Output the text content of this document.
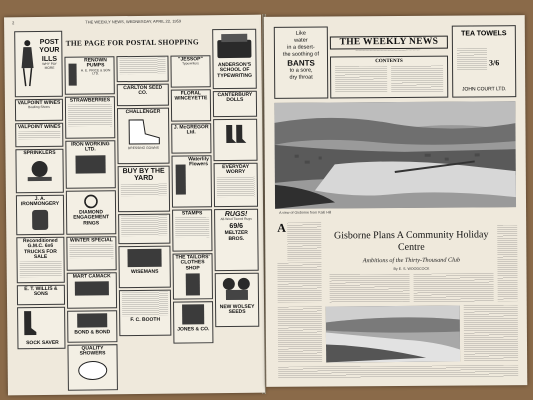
2	THE WEEKLY NEWS, WEDNESDAY, APRIL 22, 1959
THE PAGE FOR POSTAL SHOPPING
POST
YOUR
ILLS
WHY PAY MORE
VALPOINT WINES
Bowling Shoes
VALPOINT WINES
SPRINKLERS
J. A. IRONMONGERY
Reconditioned G.M.C. 6x6 TRUCKS FOR SALE
E. T. WILLIS & SONS
SOCK SAVER
RENOWN PUMPS
H. E. PRICE & SON LTD.
STRAWBERRIES
IRON WORKING LTD.
DIAMOND ENGAGEMENT RINGS
WINTER SPECIAL
MART CAMACK
BOND & BOND
QUALITY SHOWERS
CARLTON SEED CO.
CHALLENGER
DRESSING GOWNS
BUY BY THE YARD
WISEMANS
F. C. BOOTH
"JESSOP"
Typewriters
FLORAL WINCEYETTE
J. McGREGOR Ltd.
Waterlily Flowers
STAMPS
THE TAILORS' CLOTHES SHOP
JONES & CO.
ANDERSON'S SCHOOL OF TYPEWRITING
CANTERBURY DOLLS
EVERYDAY WORRY
RUGS!
All-Wool Tweed Rugs
69/6
MELTZER BROS.
NEW WOLSEY SEEDS
Like
water
in a desert-
the soothing of
BANTS
to a sore,
dry throat
THE WEEKLY NEWS
——————————————————
CONTENTS
TEA TOWELS
3/6
JOHN COURT LTD.
A view of Gisborne from Kaiti Hill
A
Gisborne Plans A Community Holiday Centre
Ambitions of the Thirty-Thousand Club
By E. S. WOODCOCK
